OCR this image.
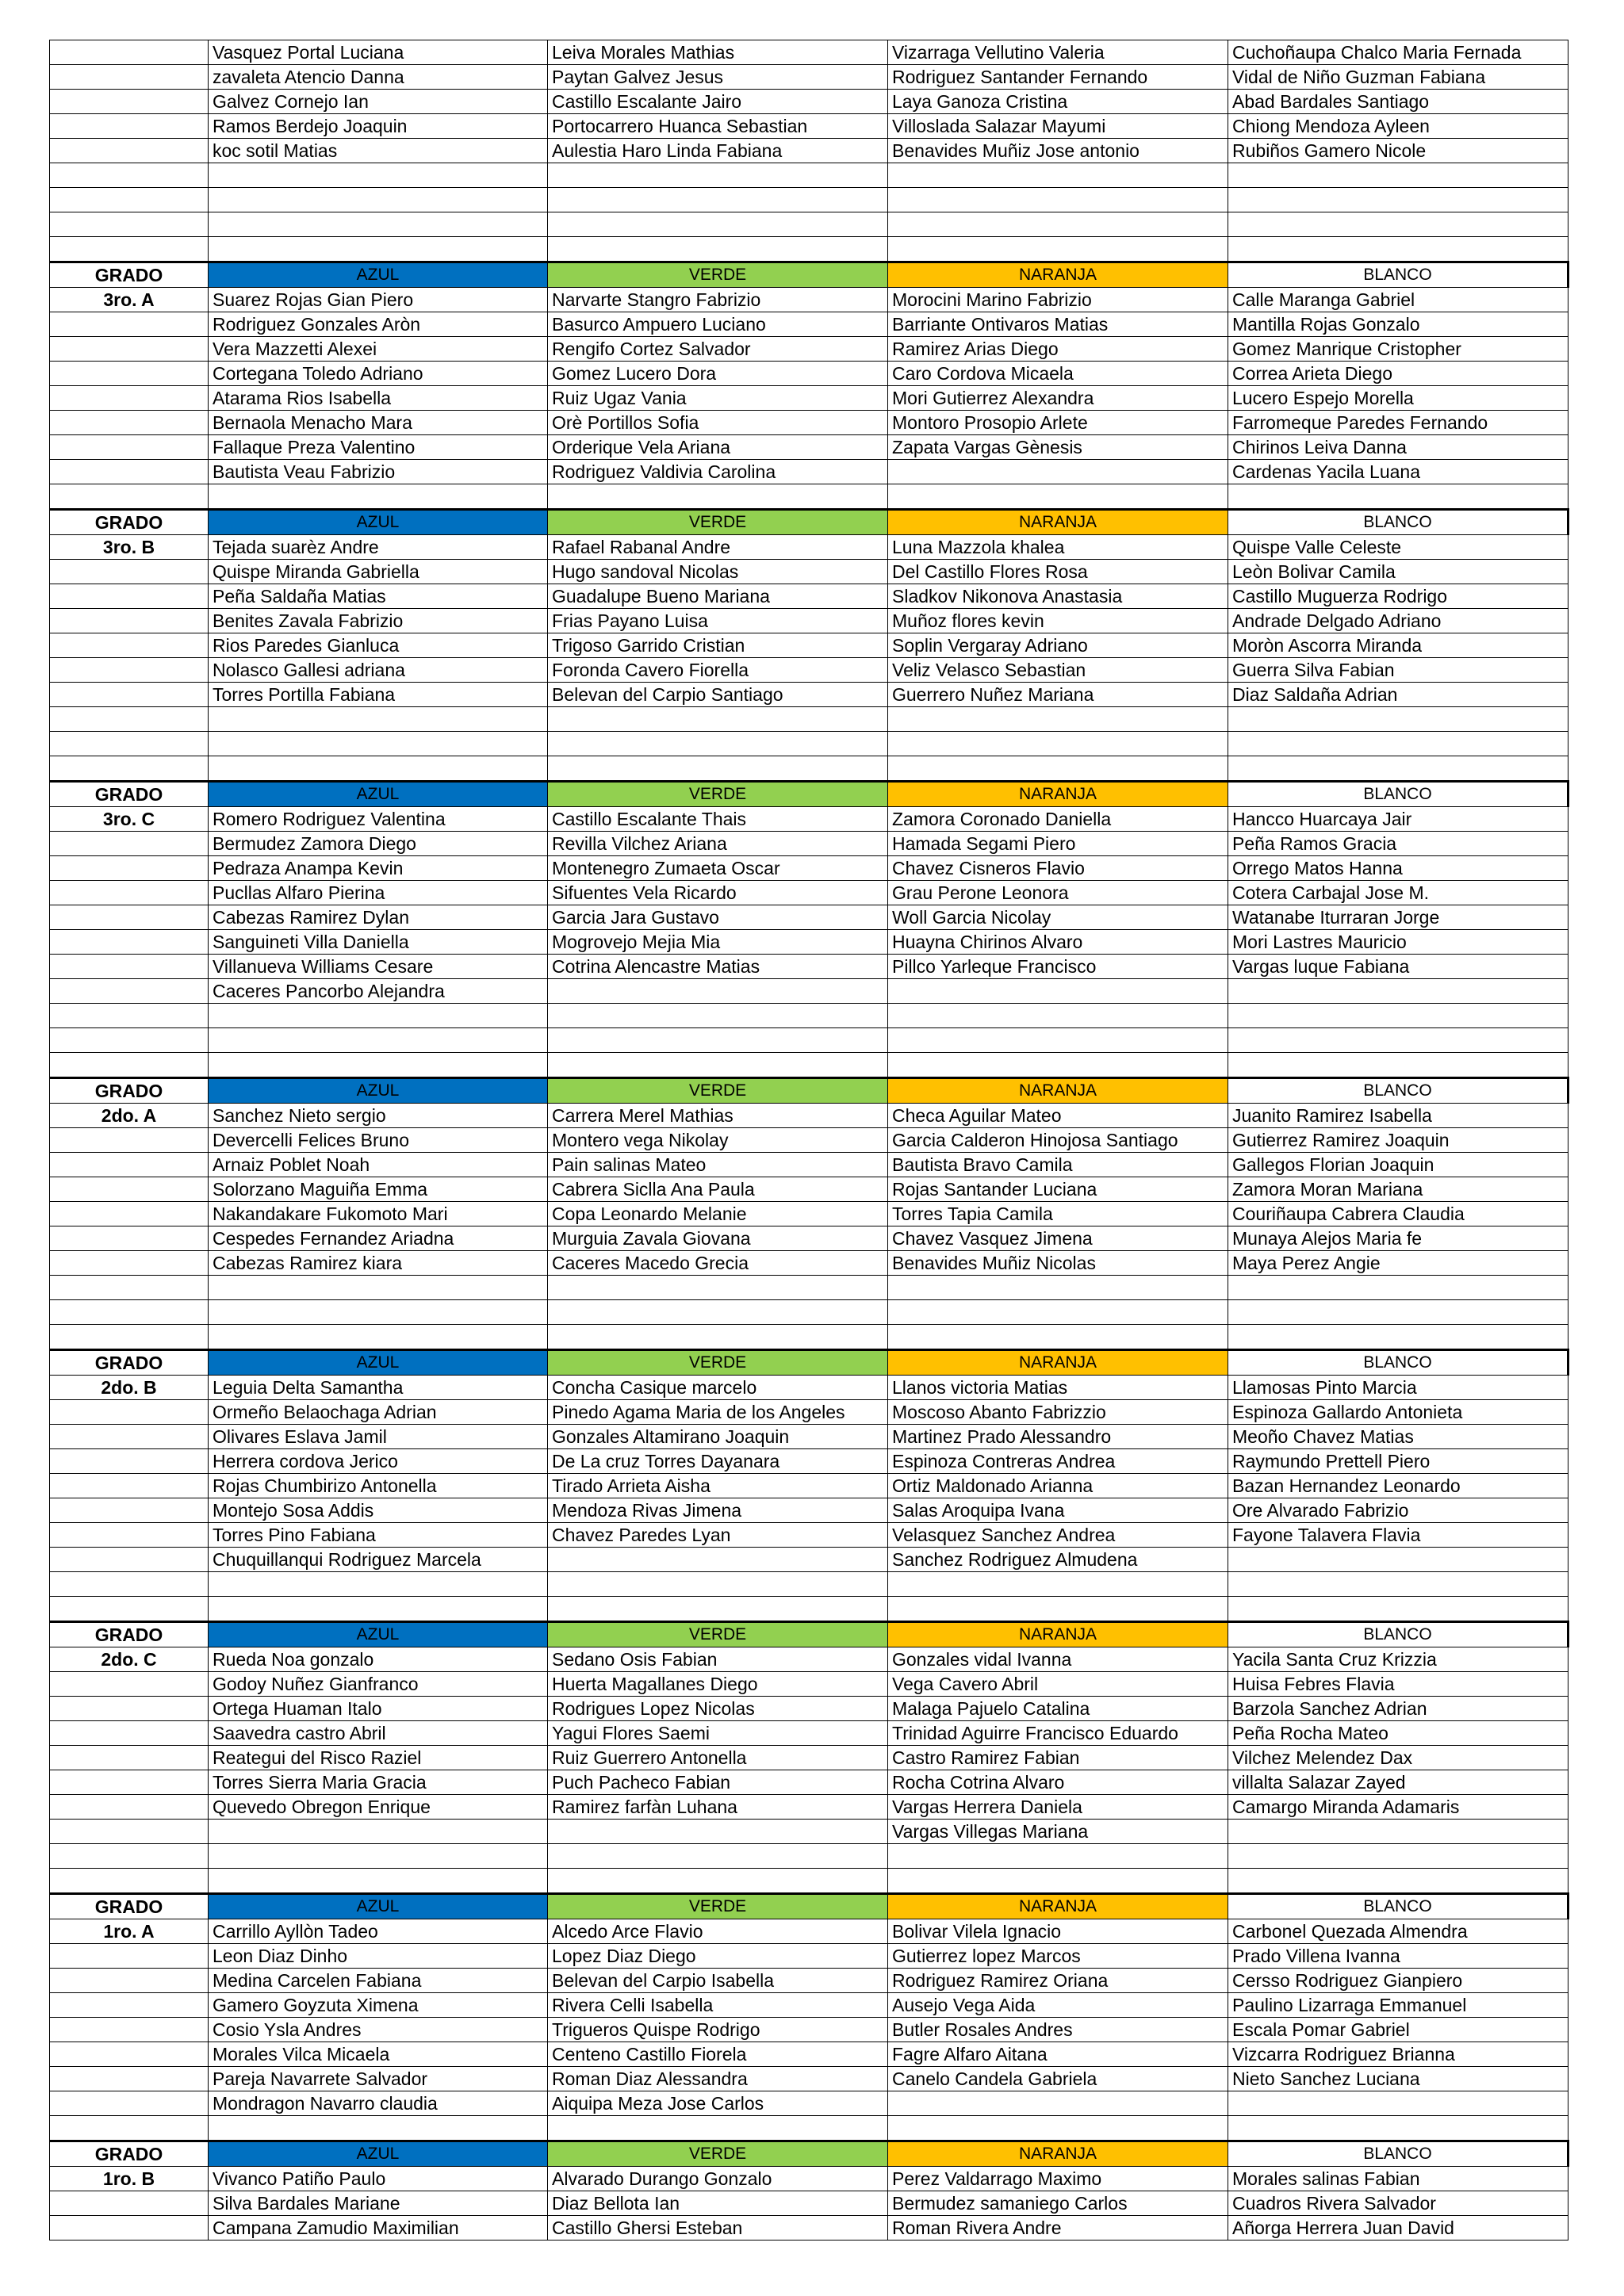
	Vasquez Portal Luciana	Leiva Morales Mathias	Vizarraga Vellutino Valeria	Cuchoñaupa Chalco Maria Fernada
	zavaleta Atencio Danna	Paytan Galvez Jesus	Rodriguez Santander Fernando	Vidal de Niño Guzman Fabiana
	Galvez Cornejo Ian	Castillo Escalante Jairo	Laya Ganoza Cristina	Abad Bardales Santiago
	Ramos Berdejo Joaquin	Portocarrero Huanca Sebastian	Villoslada Salazar Mayumi	Chiong Mendoza Ayleen
	koc sotil Matias	Aulestia Haro Linda Fabiana	Benavides Muñiz Jose antonio	Rubiños Gamero Nicole

GRADO	AZUL	VERDE	NARANJA	BLANCO
3ro. A	Suarez Rojas Gian Piero	Narvarte Stangro Fabrizio	Morocini Marino Fabrizio	Calle Maranga Gabriel
	Rodriguez Gonzales Aròn	Basurco Ampuero Luciano	Barriante Ontivaros Matias	Mantilla Rojas Gonzalo
	Vera Mazzetti Alexei	Rengifo Cortez Salvador	Ramirez Arias Diego	Gomez Manrique Cristopher
	Cortegana Toledo Adriano	Gomez Lucero Dora	Caro Cordova Micaela	Correa Arieta Diego
	Atarama Rios Isabella	Ruiz Ugaz Vania	Mori Gutierrez Alexandra	Lucero Espejo Morella
	Bernaola Menacho Mara	Orè Portillos Sofia	Montoro Prosopio Arlete	Farromeque Paredes Fernando
	Fallaque Preza Valentino	Orderique Vela Ariana	Zapata Vargas Gènesis	Chirinos Leiva Danna
	Bautista Veau Fabrizio	Rodriguez Valdivia Carolina		Cardenas Yacila Luana

GRADO	AZUL	VERDE	NARANJA	BLANCO
3ro. B	Tejada suarèz Andre	Rafael Rabanal Andre	Luna Mazzola khalea	Quispe Valle Celeste
	Quispe Miranda Gabriella	Hugo sandoval Nicolas	Del Castillo Flores Rosa	Leòn Bolivar Camila
	Peña Saldaña Matias	Guadalupe Bueno Mariana	Sladkov Nikonova Anastasia	Castillo Muguerza Rodrigo
	Benites Zavala Fabrizio	Frias Payano Luisa	Muñoz flores kevin	Andrade Delgado Adriano
	Rios Paredes Gianluca	Trigoso Garrido Cristian	Soplin Vergaray Adriano	Moròn Ascorra Miranda
	Nolasco Gallesi adriana	Foronda Cavero Fiorella	Veliz Velasco Sebastian	Guerra Silva Fabian
	Torres Portilla Fabiana	Belevan del Carpio Santiago	Guerrero Nuñez Mariana	Diaz Saldaña Adrian

GRADO	AZUL	VERDE	NARANJA	BLANCO
3ro. C	Romero Rodriguez Valentina	Castillo Escalante Thais	Zamora Coronado Daniella	Hancco Huarcaya Jair
	Bermudez Zamora Diego	Revilla Vilchez Ariana	Hamada Segami Piero	Peña Ramos Gracia
	Pedraza Anampa Kevin	Montenegro Zumaeta Oscar	Chavez Cisneros Flavio	Orrego Matos Hanna
	Pucllas Alfaro Pierina	Sifuentes Vela Ricardo	Grau Perone Leonora	Cotera Carbajal Jose M.
	Cabezas Ramirez Dylan	Garcia Jara Gustavo	Woll Garcia Nicolay	Watanabe Iturraran Jorge
	Sanguineti Villa Daniella	Mogrovejo Mejia Mia	Huayna Chirinos Alvaro	Mori Lastres Mauricio
	Villanueva Williams Cesare	Cotrina Alencastre Matias	Pillco Yarleque Francisco	Vargas luque Fabiana
	Caceres Pancorbo Alejandra			

GRADO	AZUL	VERDE	NARANJA	BLANCO
2do. A	Sanchez Nieto sergio	Carrera Merel Mathias	Checa Aguilar Mateo	Juanito Ramirez Isabella
	Devercelli Felices Bruno	Montero vega Nikolay	Garcia Calderon Hinojosa Santiago	Gutierrez Ramirez Joaquin
	Arnaiz Poblet Noah	Pain salinas Mateo	Bautista Bravo Camila	Gallegos Florian Joaquin
	Solorzano Maguiña Emma	Cabrera Siclla Ana Paula	Rojas Santander Luciana	Zamora Moran Mariana
	Nakandakare Fukomoto Mari	Copa Leonardo Melanie	Torres Tapia Camila	Couriñaupa Cabrera Claudia
	Cespedes Fernandez Ariadna	Murguia Zavala Giovana	Chavez Vasquez Jimena	Munaya Alejos Maria fe
	Cabezas Ramirez kiara	Caceres Macedo Grecia	Benavides Muñiz Nicolas	Maya Perez Angie

GRADO	AZUL	VERDE	NARANJA	BLANCO
2do. B	Leguia Delta Samantha	Concha Casique marcelo	Llanos victoria Matias	Llamosas Pinto Marcia
	Ormeño Belaochaga Adrian	Pinedo Agama Maria de los Angeles	Moscoso Abanto Fabrizzio	Espinoza Gallardo Antonieta
	Olivares Eslava Jamil	Gonzales Altamirano Joaquin	Martinez Prado Alessandro	Meoño Chavez Matias
	Herrera cordova Jerico	De La cruz Torres Dayanara	Espinoza Contreras Andrea	Raymundo Prettell Piero
	Rojas Chumbirizo Antonella	Tirado Arrieta Aisha	Ortiz Maldonado Arianna	Bazan Hernandez Leonardo
	Montejo Sosa Addis	Mendoza Rivas Jimena	Salas Aroquipa Ivana	Ore Alvarado Fabrizio
	Torres Pino Fabiana	Chavez Paredes Lyan	Velasquez Sanchez Andrea	Fayone Talavera Flavia
	Chuquillanqui Rodriguez Marcela		Sanchez Rodriguez Almudena	

GRADO	AZUL	VERDE	NARANJA	BLANCO
2do. C	Rueda Noa gonzalo	Sedano Osis Fabian	Gonzales vidal Ivanna	Yacila Santa Cruz Krizzia
	Godoy Nuñez Gianfranco	Huerta Magallanes Diego	Vega Cavero Abril	Huisa Febres Flavia
	Ortega Huaman Italo	Rodrigues Lopez Nicolas	Malaga Pajuelo Catalina	Barzola Sanchez Adrian
	Saavedra castro Abril	Yagui Flores Saemi	Trinidad Aguirre Francisco Eduardo	Peña Rocha Mateo
	Reategui del Risco Raziel	Ruiz Guerrero Antonella	Castro Ramirez Fabian	Vilchez Melendez Dax
	Torres Sierra Maria Gracia	Puch Pacheco Fabian	Rocha Cotrina Alvaro	villalta Salazar Zayed
	Quevedo Obregon Enrique	Ramirez farfàn Luhana	Vargas Herrera Daniela	Camargo Miranda Adamaris
			Vargas Villegas Mariana	

GRADO	AZUL	VERDE	NARANJA	BLANCO
1ro. A	Carrillo Ayllòn Tadeo	Alcedo Arce Flavio	Bolivar Vilela Ignacio	Carbonel Quezada Almendra
	Leon Diaz Dinho	Lopez Diaz Diego	Gutierrez lopez Marcos	Prado Villena Ivanna
	Medina Carcelen Fabiana	Belevan del Carpio Isabella	Rodriguez Ramirez Oriana	Cersso Rodriguez Gianpiero
	Gamero Goyzuta Ximena	Rivera Celli Isabella	Ausejo Vega Aida	Paulino Lizarraga Emmanuel
	Cosio Ysla Andres	Trigueros Quispe Rodrigo	Butler Rosales Andres	Escala Pomar Gabriel
	Morales Vilca Micaela	Centeno Castillo Fiorela	Fagre Alfaro Aitana	Vizcarra Rodriguez Brianna
	Pareja Navarrete Salvador	Roman Diaz Alessandra	Canelo Candela Gabriela	Nieto Sanchez Luciana
	Mondragon Navarro claudia	Aiquipa Meza Jose Carlos		

GRADO	AZUL	VERDE	NARANJA	BLANCO
1ro. B	Vivanco Patiño Paulo	Alvarado Durango Gonzalo	Perez Valdarrago Maximo	Morales salinas Fabian
	Silva Bardales Mariane	Diaz Bellota Ian	Bermudez samaniego Carlos	Cuadros Rivera Salvador
	Campana Zamudio Maximilian	Castillo Ghersi Esteban	Roman Rivera Andre	Añorga Herrera Juan David
